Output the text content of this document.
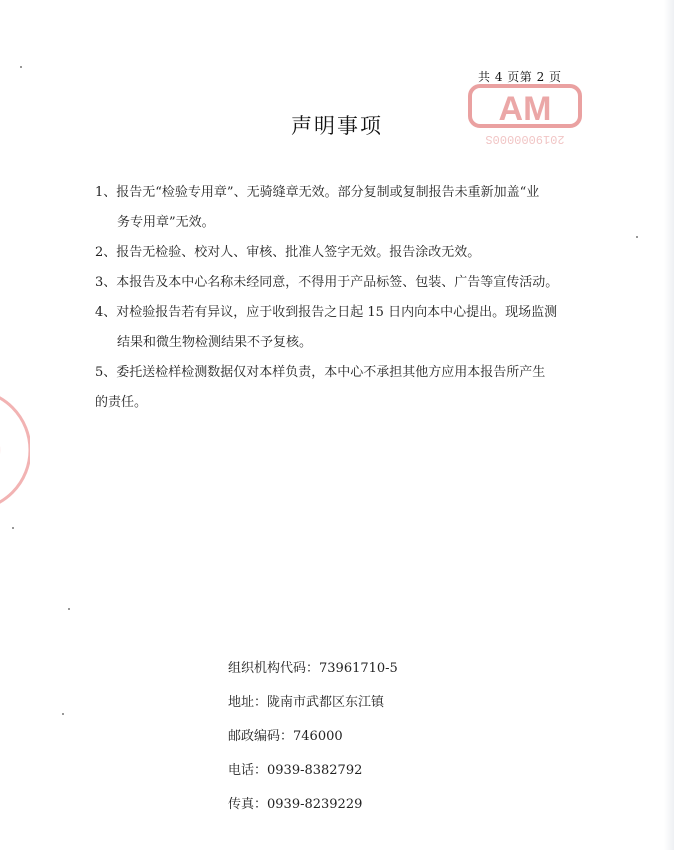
AM
2019000000S
共 4 页第 2 页
声明事项

1、报告无“检验专用章”、无骑缝章无效。部分复制或复制报告未重新加盖“业
务专用章”无效。

2、报告无检验、校对人、审核、批准人签字无效。报告涂改无效。

3、本报告及本中心名称未经同意，不得用于产品标签、包装、广告等宣传活动。

4、对检验报告若有异议，应于收到报告之日起 15 日内向本中心提出。现场监测
结果和微生物检测结果不予复核。

5、委托送检样检测数据仅对本样负责，本中心不承担其他方应用本报告所产生
的责任。

组织机构代码：73961710-5
地址：陇南市武都区东江镇
邮政编码：746000
电话：0939-8382792
传真：0939-8239229
